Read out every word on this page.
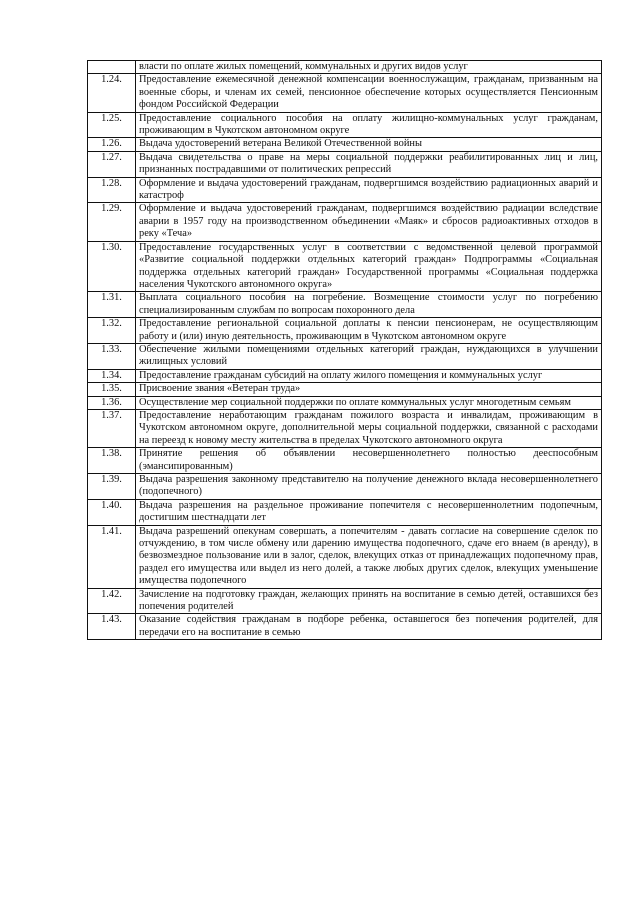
	власти по оплате жилых помещений, коммунальных и других видов услуг
1.24.	Предоставление ежемесячной денежной компенсации военнослужащим, гражданам, призванным на военные сборы, и членам их семей, пенсионное обеспечение которых осуществляется Пенсионным фондом Российской Федерации
1.25.	Предоставление социального пособия на оплату жилищно-коммунальных услуг гражданам, проживающим в Чукотском автономном округе
1.26.	Выдача удостоверений ветерана Великой Отечественной войны
1.27.	Выдача свидетельства о праве на меры социальной поддержки реабилитированных лиц и лиц, признанных пострадавшими от политических репрессий
1.28.	Оформление и выдача удостоверений гражданам, подвергшимся воздействию радиационных аварий и катастроф
1.29.	Оформление и выдача удостоверений гражданам, подвергшимся воздействию радиации вследствие аварии в 1957 году на производственном объединении «Маяк» и сбросов радиоактивных отходов в реку «Теча»
1.30.	Предоставление государственных услуг в соответствии с ведомственной целевой программой «Развитие социальной поддержки отдельных категорий граждан» Подпрограммы «Социальная поддержка отдельных категорий граждан» Государственной программы «Социальная поддержка населения Чукотского автономного округа»
1.31.	Выплата социального пособия на погребение. Возмещение стоимости услуг по погребению специализированным службам по вопросам похоронного дела
1.32.	Предоставление региональной социальной доплаты к пенсии пенсионерам, не осуществляющим работу и (или) иную деятельность, проживающим в Чукотском автономном округе
1.33.	Обеспечение жилыми помещениями отдельных категорий граждан, нуждающихся в улучшении жилищных условий
1.34.	Предоставление гражданам субсидий на оплату жилого помещения и коммунальных услуг
1.35.	Присвоение звания «Ветеран труда»
1.36.	Осуществление мер социальной поддержки по оплате коммунальных услуг многодетным семьям
1.37.	Предоставление неработающим гражданам пожилого возраста и инвалидам, проживающим в Чукотском автономном округе, дополнительной меры социальной поддержки, связанной с расходами на переезд к новому месту жительства в пределах Чукотского автономного округа
1.38.	Принятие решения об объявлении несовершеннолетнего полностью дееспособным (эмансипированным)
1.39.	Выдача разрешения законному представителю на получение денежного вклада несовершеннолетнего (подопечного)
1.40.	Выдача разрешения на раздельное проживание попечителя с несовершеннолетним подопечным, достигшим шестнадцати лет
1.41.	Выдача разрешений опекунам совершать, а попечителям - давать согласие на совершение сделок по отчуждению, в том числе обмену или дарению имущества подопечного, сдаче его внаем (в аренду), в безвозмездное пользование или в залог, сделок, влекущих отказ от принадлежащих подопечному прав, раздел его имущества или выдел из него долей, а также любых других сделок, влекущих уменьшение имущества подопечного
1.42.	Зачисление на подготовку граждан, желающих принять на воспитание в семью детей, оставшихся без попечения родителей
1.43.	Оказание содействия гражданам в подборе ребенка, оставшегося без попечения родителей, для передачи его на воспитание в семью
